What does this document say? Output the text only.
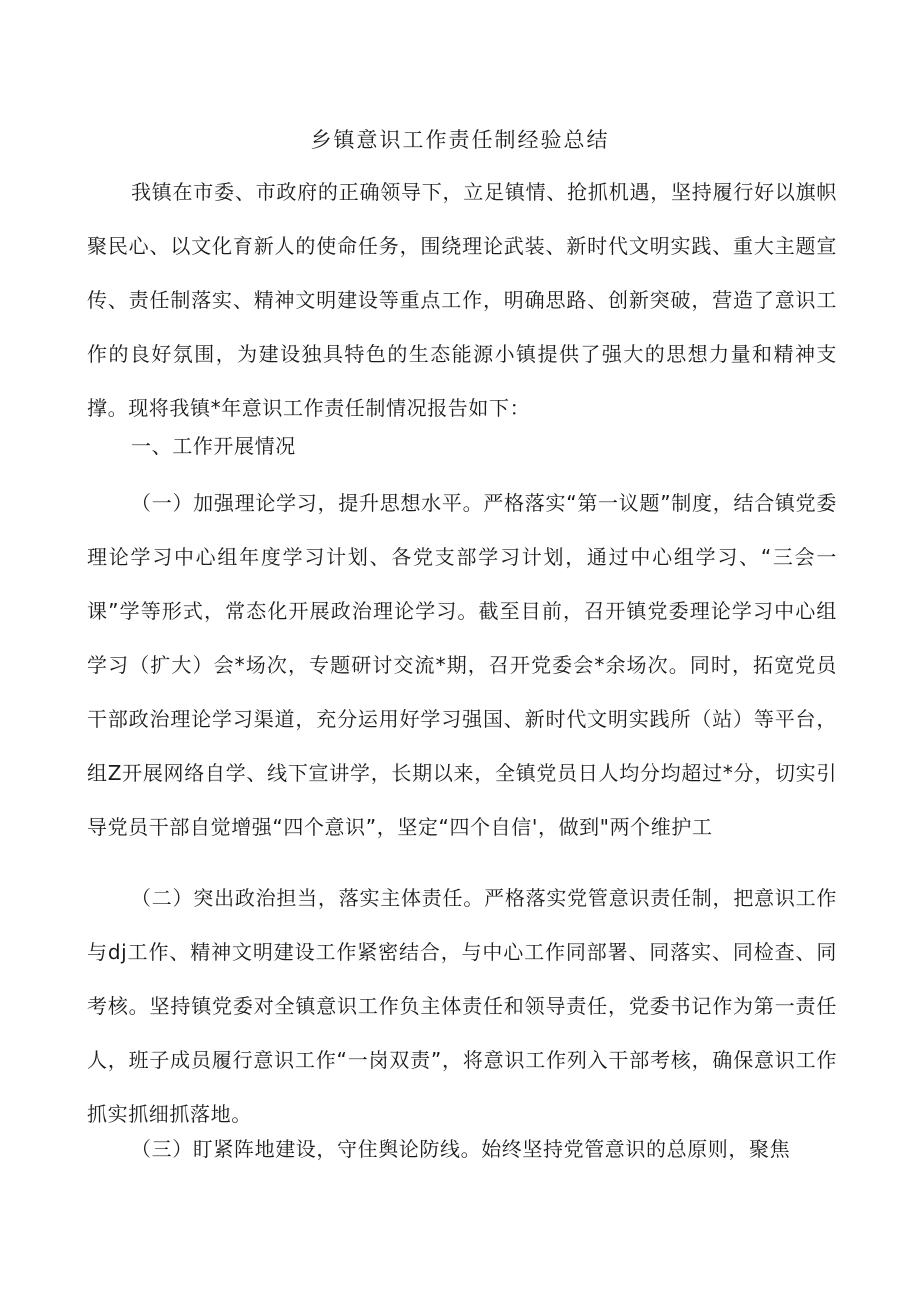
乡镇意识工作责任制经验总结

我镇在市委、市政府的正确领导下，立足镇情、抢抓机遇，坚持履行好以旗帜聚民心、以文化育新人的使命任务，围绕理论武装、新时代文明实践、重大主题宣传、责任制落实、精神文明建设等重点工作，明确思路、创新突破，营造了意识工作的良好氛围，为建设独具特色的生态能源小镇提供了强大的思想力量和精神支撑。现将我镇*年意识工作责任制情况报告如下：

一、工作开展情况

（一）加强理论学习，提升思想水平。严格落实“第一议题”制度，结合镇党委理论学习中心组年度学习计划、各党支部学习计划，通过中心组学习、“三会一课”学等形式，常态化开展政治理论学习。截至目前，召开镇党委理论学习中心组学习（扩大）会*场次，专题研讨交流*期，召开党委会*余场次。同时，拓宽党员干部政治理论学习渠道，充分运用好学习强国、新时代文明实践所（站）等平台，组Z开展网络自学、线下宣讲学，长期以来，全镇党员日人均分均超过*分，切实引导党员干部自觉增强“四个意识”，坚定“四个自信'，做到"两个维护工

（二）突出政治担当，落实主体责任。严格落实党管意识责任制，把意识工作与dj工作、精神文明建设工作紧密结合，与中心工作同部署、同落实、同检查、同考核。坚持镇党委对全镇意识工作负主体责任和领导责任，党委书记作为第一责任人，班子成员履行意识工作“一岗双责”，将意识工作列入干部考核，确保意识工作抓实抓细抓落地。

（三）盯紧阵地建设，守住舆论防线。始终坚持党管意识的总原则，聚焦
